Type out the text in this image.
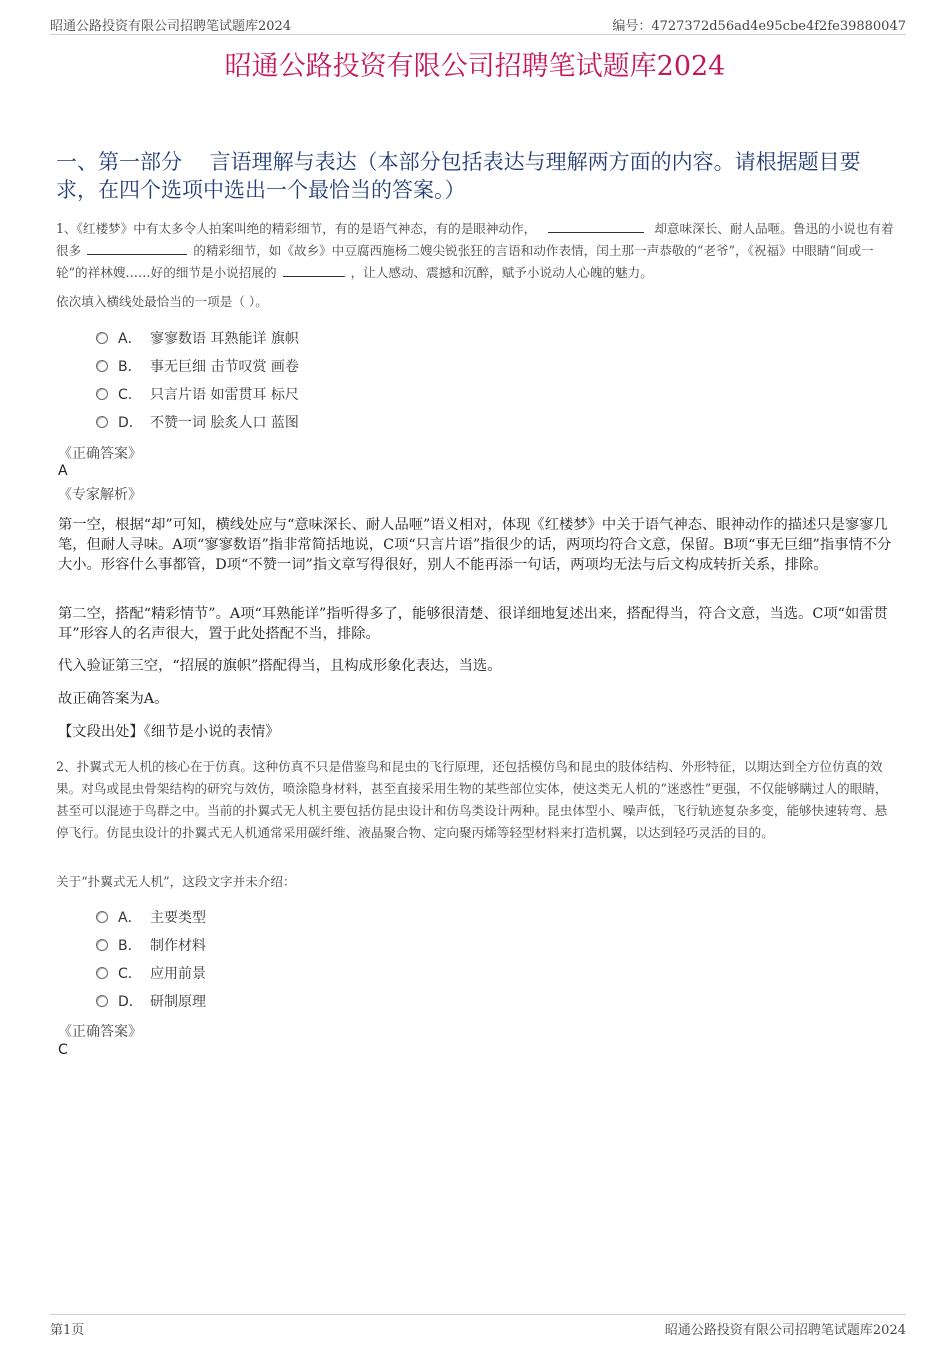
昭通公路投资有限公司招聘笔试题库2024	编号：4727372d56ad4e95cbe4f2fe39880047
昭通公路投资有限公司招聘笔试题库2024
一、第一部分　 言语理解与表达（本部分包括表达与理解两方面的内容。请根据题目要求，在四个选项中选出一个最恰当的答案。）
1、《红楼梦》中有太多令人拍案叫绝的精彩细节，有的是语气神态，有的是眼神动作，	却意味深长、耐人品咂。鲁迅的小说也有着很多	的精彩细节，如《故乡》中豆腐西施杨二嫂尖锐张狂的言语和动作表情，闰土那一声恭敬的“老爷”，《祝福》中眼睛“间或一轮”的祥林嫂……好的细节是小说招展的	，让人感动、震撼和沉醉，赋予小说动人心魄的魅力。
依次填入横线处最恰当的一项是（ ）。
A． 寥寥数语 耳熟能详 旗帜
B． 事无巨细 击节叹赏 画卷
C． 只言片语 如雷贯耳 标尺
D． 不赞一词 脍炙人口 蓝图
《正确答案》
A
《专家解析》
第一空，根据“却”可知，横线处应与“意味深长、耐人品咂”语义相对，体现《红楼梦》中关于语气神态、眼神动作的描述只是寥寥几笔，但耐人寻味。A项“寥寥数语”指非常简括地说，C项“只言片语”指很少的话，两项均符合文意，保留。B项“事无巨细”指事情不分大小。形容什么事都管，D项“不赞一词”指文章写得很好，别人不能再添一句话，两项均无法与后文构成转折关系，排除。
第二空，搭配“精彩情节”。A项“耳熟能详”指听得多了，能够很清楚、很详细地复述出来，搭配得当，符合文意，当选。C项“如雷贯耳”形容人的名声很大，置于此处搭配不当，排除。
代入验证第三空，“招展的旗帜”搭配得当，且构成形象化表达，当选。
故正确答案为A。
【文段出处】《细节是小说的表情》
2、扑翼式无人机的核心在于仿真。这种仿真不只是借鉴鸟和昆虫的飞行原理，还包括模仿鸟和昆虫的肢体结构、外形特征，以期达到全方位仿真的效果。对鸟或昆虫骨架结构的研究与效仿，喷涂隐身材料，甚至直接采用生物的某些部位实体，使这类无人机的“迷惑性”更强，不仅能够瞒过人的眼睛，甚至可以混迹于鸟群之中。当前的扑翼式无人机主要包括仿昆虫设计和仿鸟类设计两种。昆虫体型小、噪声低，飞行轨迹复杂多变，能够快速转弯、悬停飞行。仿昆虫设计的扑翼式无人机通常采用碳纤维、液晶聚合物、定向聚丙烯等轻型材料来打造机翼，以达到轻巧灵活的目的。
关于“扑翼式无人机”，这段文字并未介绍：
A． 主要类型
B． 制作材料
C． 应用前景
D． 研制原理
《正确答案》
C
第1页	昭通公路投资有限公司招聘笔试题库2024
